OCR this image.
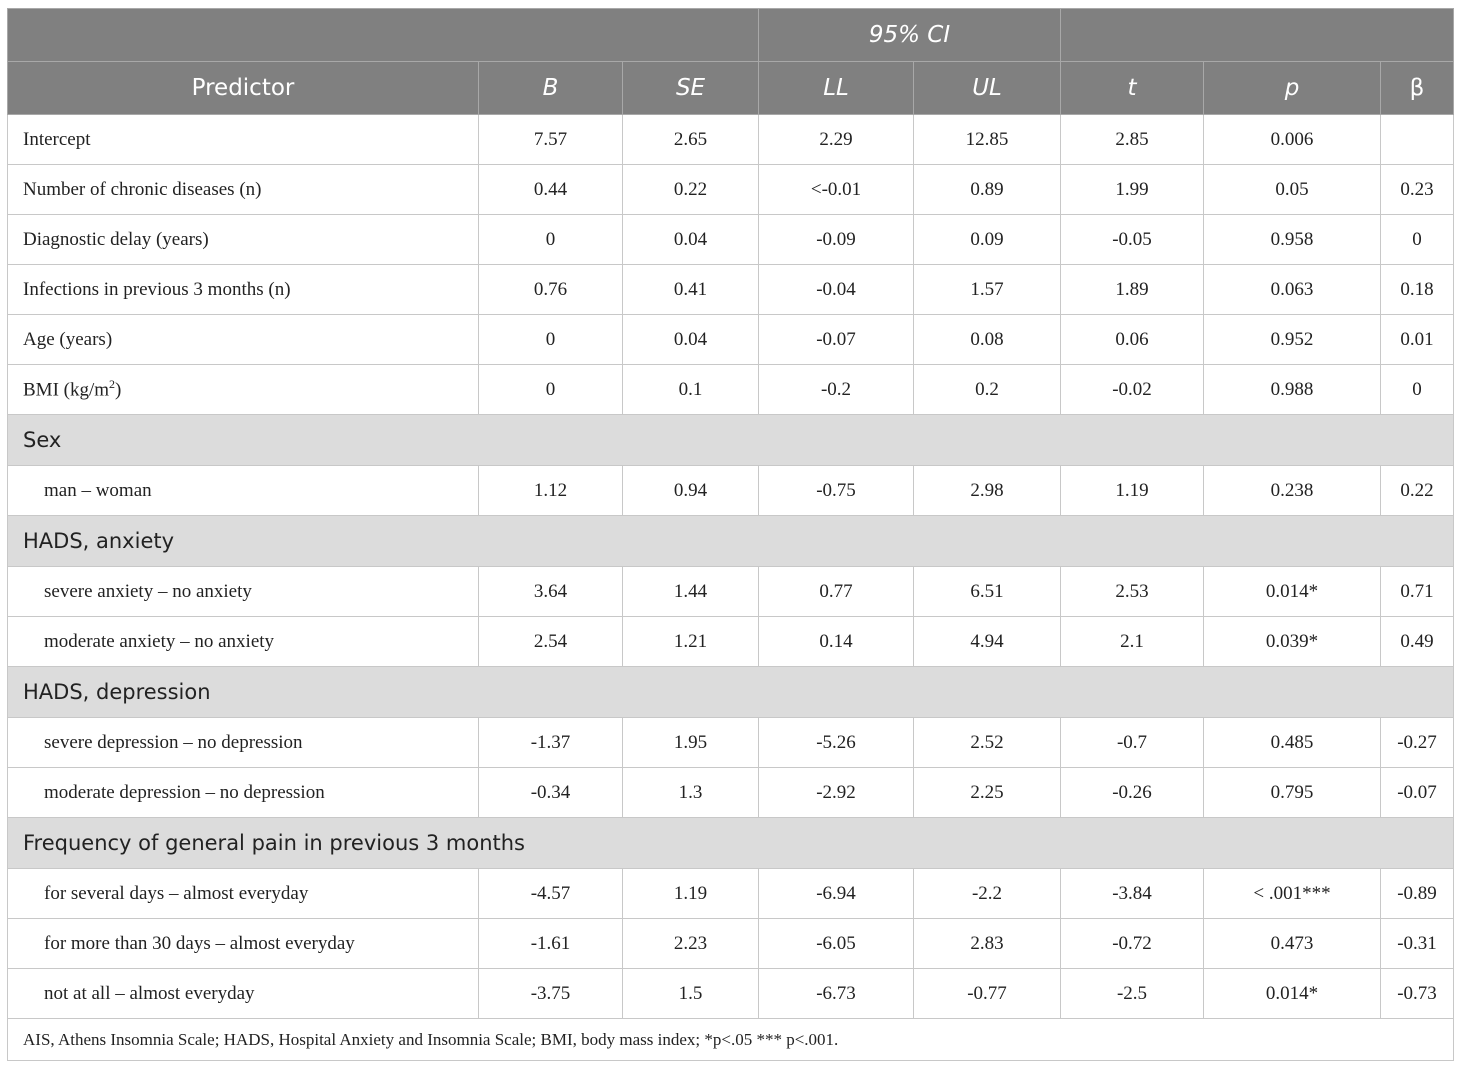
			95% CI				
Predictor	B	SE	LL	UL	t	p	β
Intercept	7.57	2.65	2.29	12.85	2.85	0.006	
Number of chronic diseases (n)	0.44	0.22	<-0.01	0.89	1.99	0.05	0.23
Diagnostic delay (years)	0	0.04	-0.09	0.09	-0.05	0.958	0
Infections in previous 3 months (n)	0.76	0.41	-0.04	1.57	1.89	0.063	0.18
Age (years)	0	0.04	-0.07	0.08	0.06	0.952	0.01
BMI $(kg/m^2)$	0	0.1	-0.2	0.2	-0.02	0.988	0
Sex							
man – woman	1.12	0.94	-0.75	2.98	1.19	0.238	0.22
HADS, anxiety							
severe anxiety – no anxiety	3.64	1.44	0.77	6.51	2.53	0.014*	0.71
moderate anxiety – no anxiety	2.54	1.21	0.14	4.94	2.1	0.039*	0.49
HADS, depression							
severe depression – no depression	-1.37	1.95	-5.26	2.52	-0.7	0.485	-0.27
moderate depression – no depression	-0.34	1.3	-2.92	2.25	-0.26	0.795	-0.07
Frequency of general pain in previous 3 months							
for several days – almost everyday	-4.57	1.19	-6.94	-2.2	-3.84	< .001***	-0.89
for more than 30 days – almost everyday	-1.61	2.23	-6.05	2.83	-0.72	0.473	-0.31
not at all – almost everyday	-3.75	1.5	-6.73	-0.77	-2.5	0.014*	-0.73
AIS, Athens Insomnia Scale; HADS, Hospital Anxiety and Insomnia Scale; BMI, body mass index; *p<.05 *** p<.001.							
